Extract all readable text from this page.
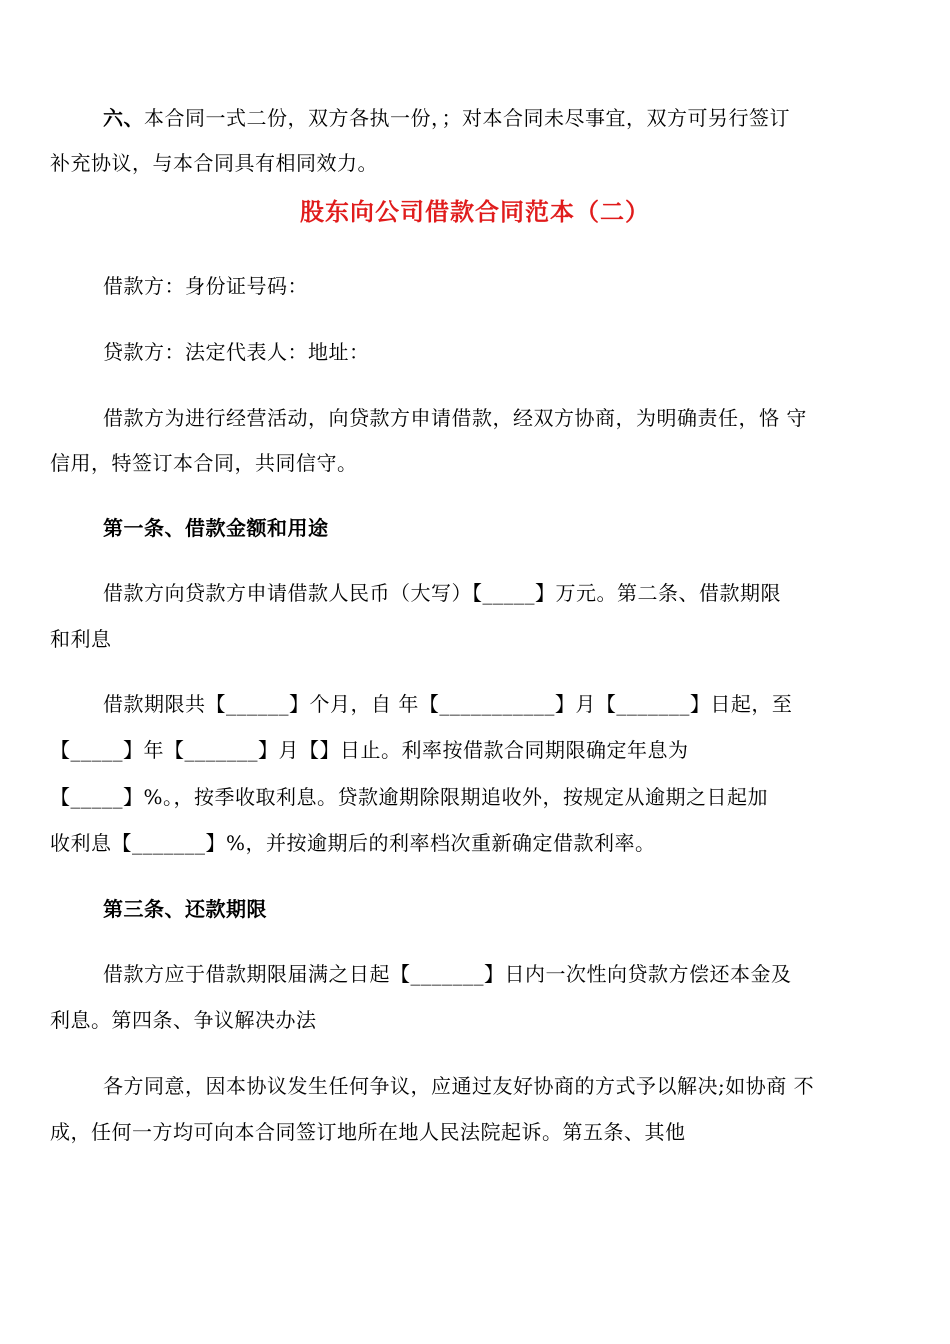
六、本合同一式二份，双方各执一份，；对本合同未尽事宜，双方可另行签订
补充协议，与本合同具有相同效力。
股东向公司借款合同范本（二）
借款方：身份证号码：
贷款方：法定代表人：地址：
借款方为进行经营活动，向贷款方申请借款，经双方协商，为明确责任，恪 守
信用，特签订本合同，共同信守。
第一条、借款金额和用途
借款方向贷款方申请借款人民币（大写）【_____】万元。第二条、借款期限
和利息
借款期限共【______】个月，自 年【___________】月【_______】日起，至
【_____】年【_______】月【】日止。利率按借款合同期限确定年息为
【_____】%。，按季收取利息。贷款逾期除限期追收外，按规定从逾期之日起加
收利息【_______】%，并按逾期后的利率档次重新确定借款利率。
第三条、还款期限
借款方应于借款期限届满之日起【_______】日内一次性向贷款方偿还本金及
利息。第四条、争议解决办法
各方同意，因本协议发生任何争议，应通过友好协商的方式予以解决;如协商 不
成，任何一方均可向本合同签订地所在地人民法院起诉。第五条、其他
